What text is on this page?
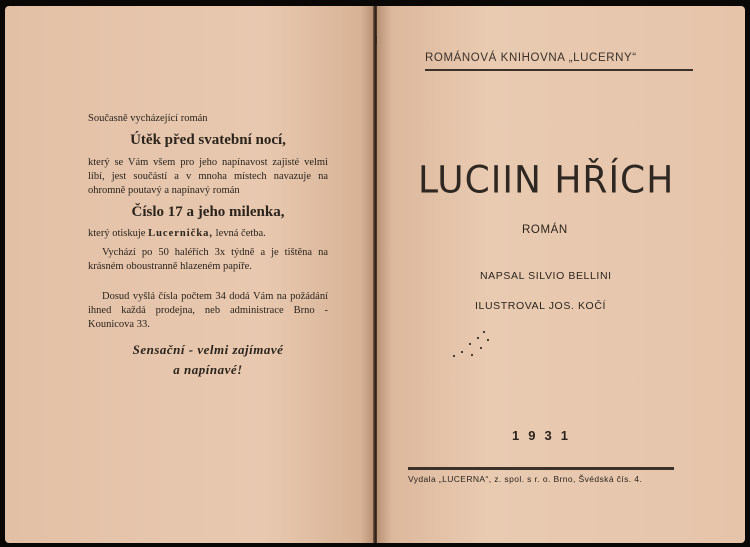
Současně vycházející román
Útěk před svatební nocí,
který se Vám všem pro jeho napínavost zajisté velmi líbí, jest součástí a v mnoha místech navazuje na ohromně poutavý a napínavý román
Číslo 17 a jeho milenka,
který otiskuje Lucernička, levná četba.
Vychází po 50 haléřích 3x týdně a je tištěna na krásném oboustranně hlazeném papíře.
Dosud vyšlá čísla počtem 34 dodá Vám na požádání ihned každá prodejna, neb administrace Brno - Kounicova 33.
Sensační - velmi zajímavé
a napínavé!
ROMÁNOVÁ KNIHOVNA „LUCERNY“
LUCIIN HŘÍCH
ROMÁN
NAPSAL SILVIO BELLINI
ILUSTROVAL JOS. KOČÍ
1931
Vydala „LUCERNA“, z. spol. s r. o. Brno, Švédská čís. 4.
